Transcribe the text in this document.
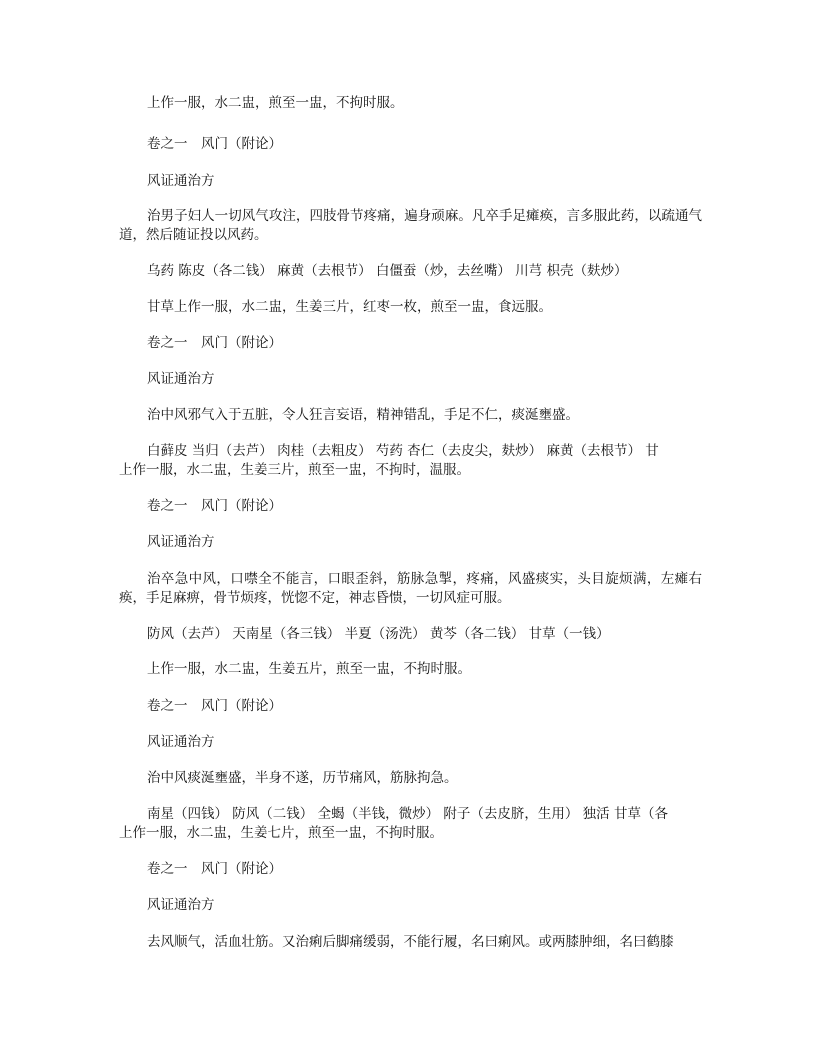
上作一服，水二盅，煎至一盅，不拘时服。

卷之一　风门（附论）

风证通治方

治男子妇人一切风气攻注，四肢骨节疼痛，遍身顽麻。凡卒手足瘫痪，言多服此药，以疏通气道，然后随证投以风药。

乌药 陈皮（各二钱） 麻黄（去根节） 白僵蚕（炒，去丝嘴） 川芎 枳壳（麸炒）

甘草上作一服，水二盅，生姜三片，红枣一枚，煎至一盅，食远服。

卷之一　风门（附论）

风证通治方

治中风邪气入于五脏，令人狂言妄语，精神错乱，手足不仁，痰涎壅盛。

白藓皮 当归（去芦） 肉桂（去粗皮） 芍药 杏仁（去皮尖，麸炒） 麻黄（去根节） 甘

上作一服，水二盅，生姜三片，煎至一盅，不拘时，温服。

卷之一　风门（附论）

风证通治方

治卒急中风，口噤全不能言，口眼歪斜，筋脉急掣，疼痛，风盛痰实，头目旋烦满，左瘫右痪，手足麻痹，骨节烦疼，恍惚不定，神志昏愦，一切风症可服。

防风（去芦） 天南星（各三钱） 半夏（汤洗） 黄芩（各二钱） 甘草（一钱）

上作一服，水二盅，生姜五片，煎至一盅，不拘时服。

卷之一　风门（附论）

风证通治方

治中风痰涎壅盛，半身不遂，历节痛风，筋脉拘急。

南星（四钱） 防风（二钱） 全蝎（半钱，微炒） 附子（去皮脐，生用） 独活 甘草（各

上作一服，水二盅，生姜七片，煎至一盅，不拘时服。

卷之一　风门（附论）

风证通治方

去风顺气，活血壮筋。又治痢后脚痛缓弱，不能行履，名曰痢风。或两膝肿细，名曰鹤膝
